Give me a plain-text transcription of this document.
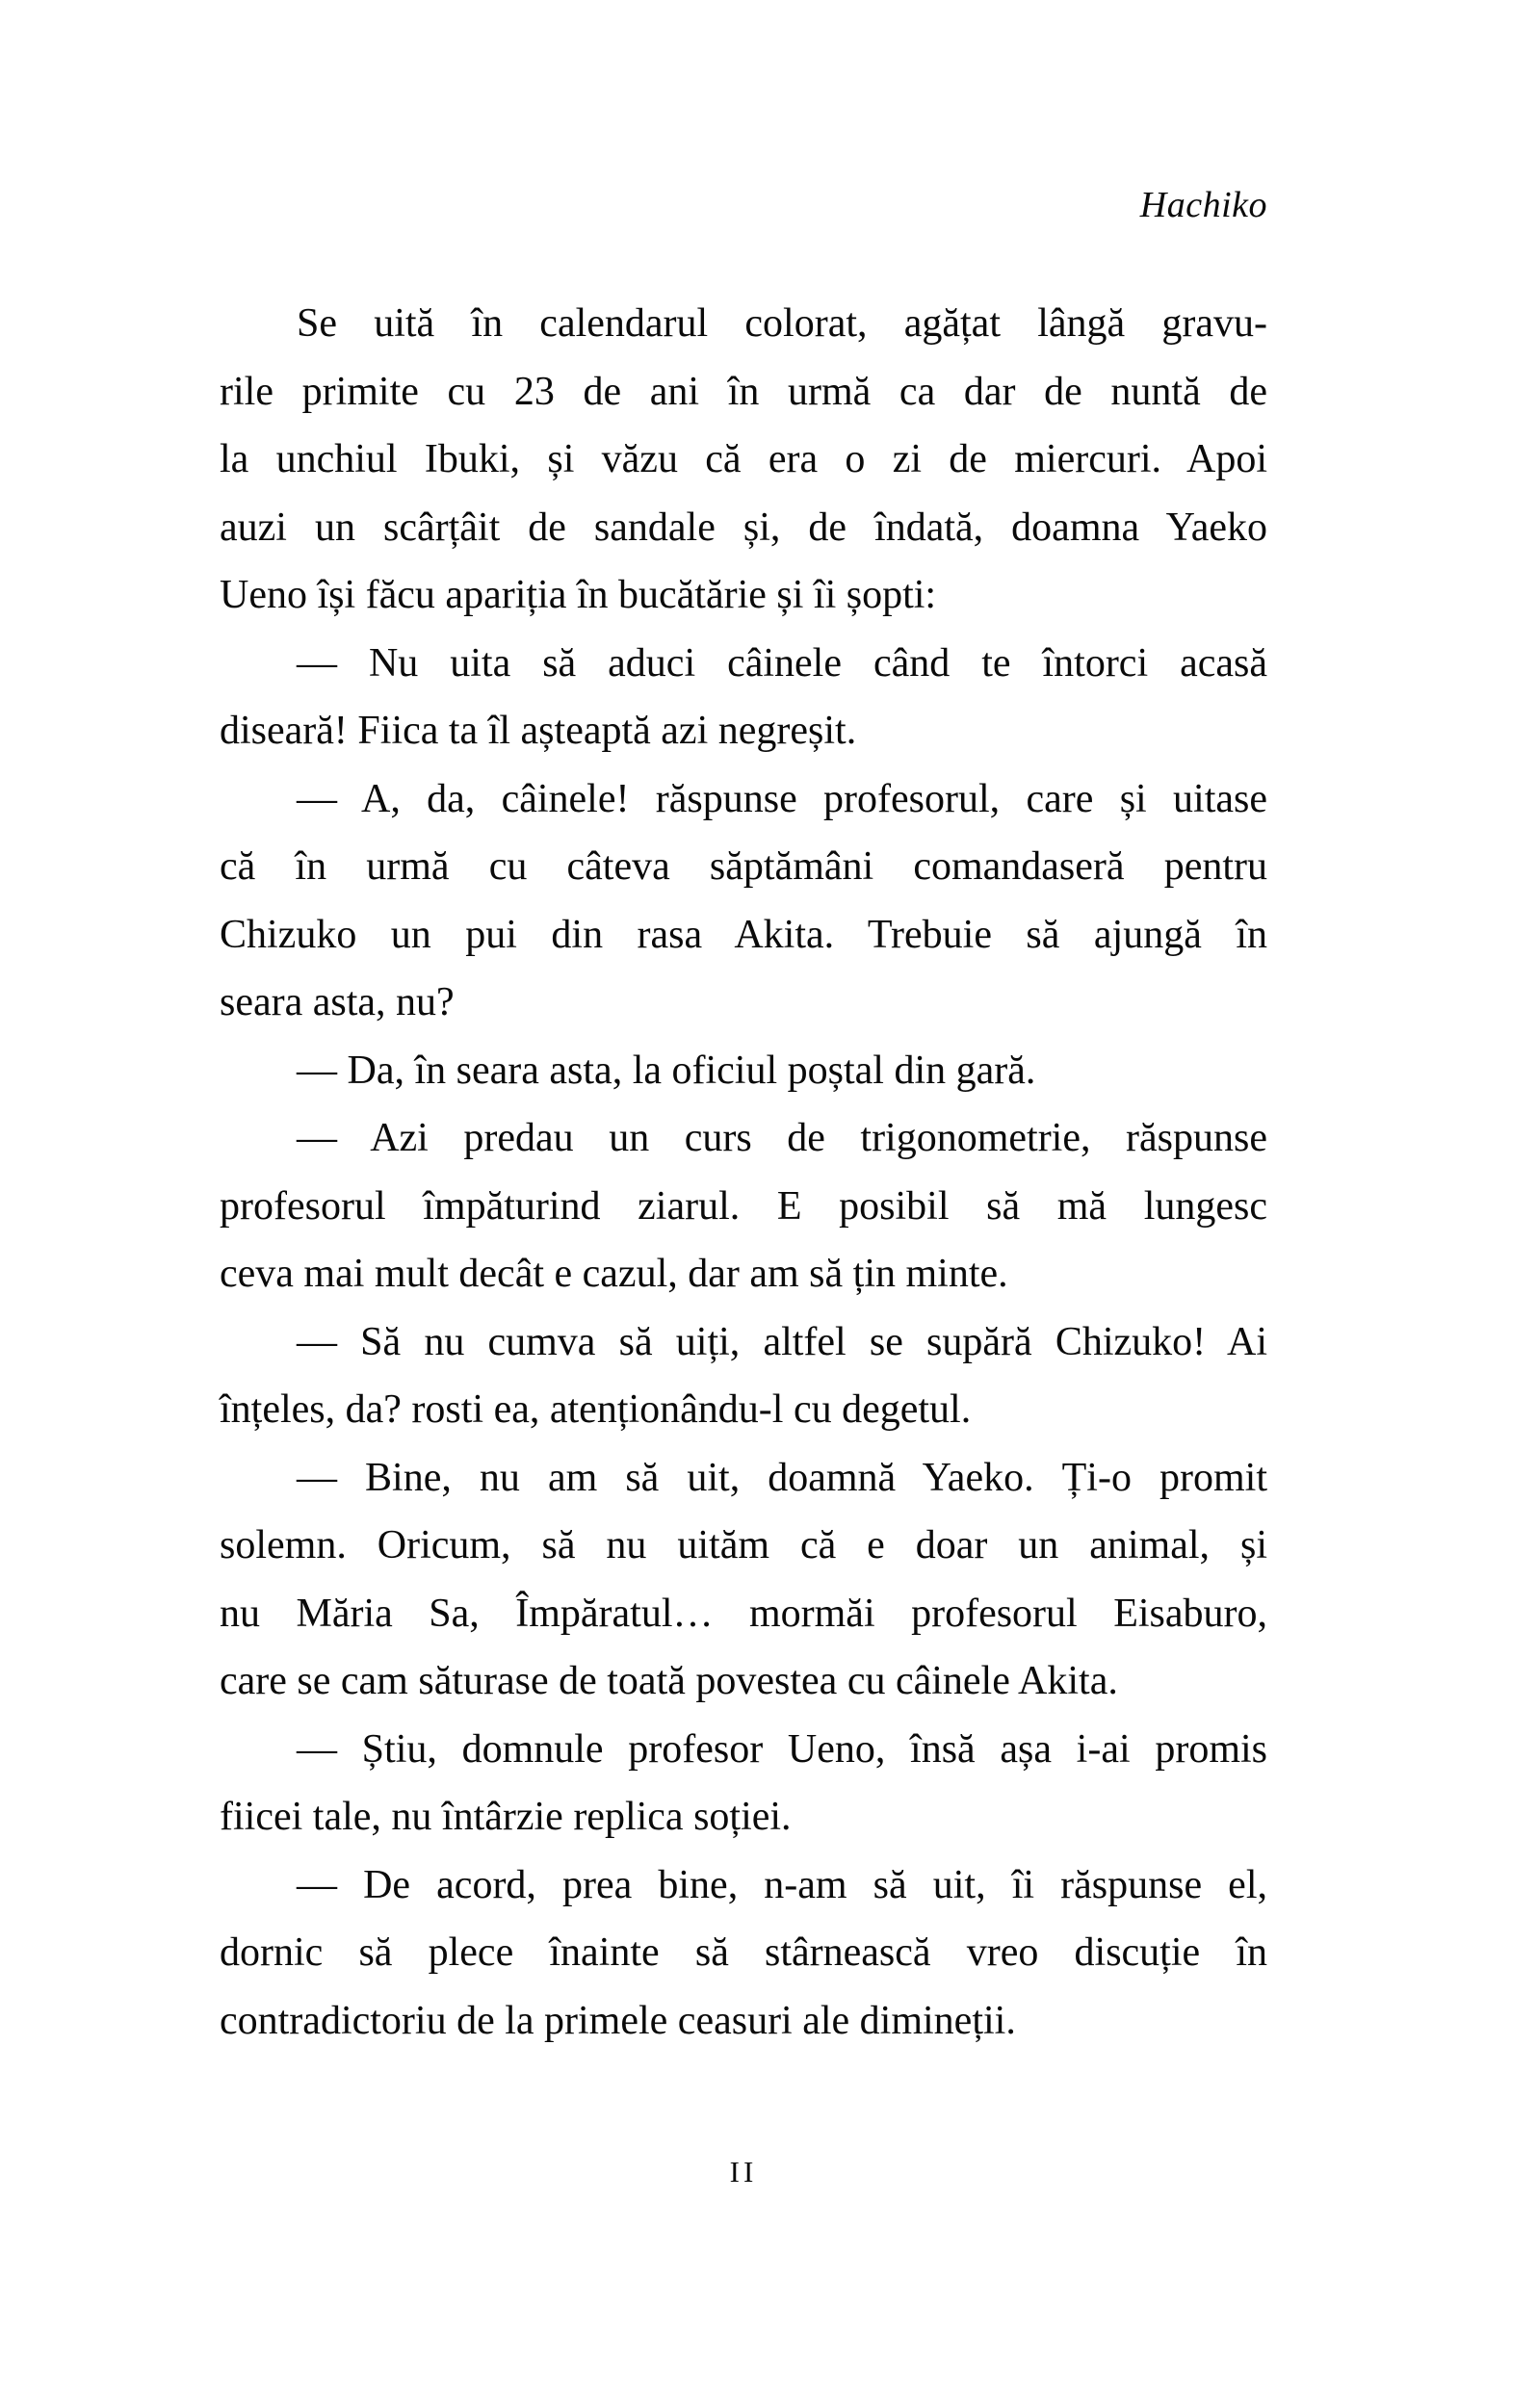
Hachiko

Se uită în calendarul colorat, agățat lângă gravu-
rile primite cu 23 de ani în urmă ca dar de nuntă de
la unchiul Ibuki, și văzu că era o zi de miercuri. Apoi
auzi un scârțâit de sandale și, de îndată, doamna Yaeko
Ueno își făcu apariția în bucătărie și îi șopti:

— Nu uita să aduci câinele când te întorci acasă
diseară! Fiica ta îl așteaptă azi negreșit.

— A, da, câinele! răspunse profesorul, care și uitase
că în urmă cu câteva săptămâni comandaseră pentru
Chizuko un pui din rasa Akita. Trebuie să ajungă în
seara asta, nu?

— Da, în seara asta, la oficiul poștal din gară.

— Azi predau un curs de trigonometrie, răspunse
profesorul împăturind ziarul. E posibil să mă lungesc
ceva mai mult decât e cazul, dar am să țin minte.

— Să nu cumva să uiți, altfel se supără Chizuko! Ai
înțeles, da? rosti ea, atenționându-l cu degetul.

— Bine, nu am să uit, doamnă Yaeko. Ți-o promit
solemn. Oricum, să nu uităm că e doar un animal, și
nu Măria Sa, Împăratul… mormăi profesorul Eisaburo,
care se cam săturase de toată povestea cu câinele Akita.

— Știu, domnule profesor Ueno, însă așa i-ai promis
fiicei tale, nu întârzie replica soției.

— De acord, prea bine, n-am să uit, îi răspunse el,
dornic să plece înainte să stârnească vreo discuție în
contradictoriu de la primele ceasuri ale dimineții.

II
